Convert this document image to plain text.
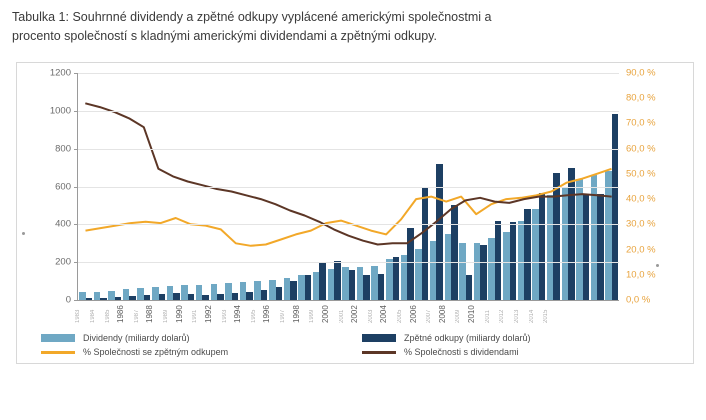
Tabulka 1: Souhrnné dividendy a zpětné odkupy vyplácené americkými společnostmi a
procento společností s kladnými americkými dividendami a zpětnými odkupy.
0
200
400
600
800
1000
1200
0,0 %
10,0 %
20,0 %
30,0 %
40,0 %
50,0 %
60,0 %
70,0 %
80,0 %
90,0 %
1983 1984 1985 1986 1987 1988 1989 1990 1991 1992 1993 1994 1995 1996 1997 1998 1999 2000 2001 2002 2003 2004 2005 2006 2007 2008 2009 2010 2011 2012 2013 2014 2015
Dividendy (miliardy dolarů)	Zpětné odkupy (miliardy dolarů)
% Společnosti se zpětným odkupem	% Společnosti s dividendami
